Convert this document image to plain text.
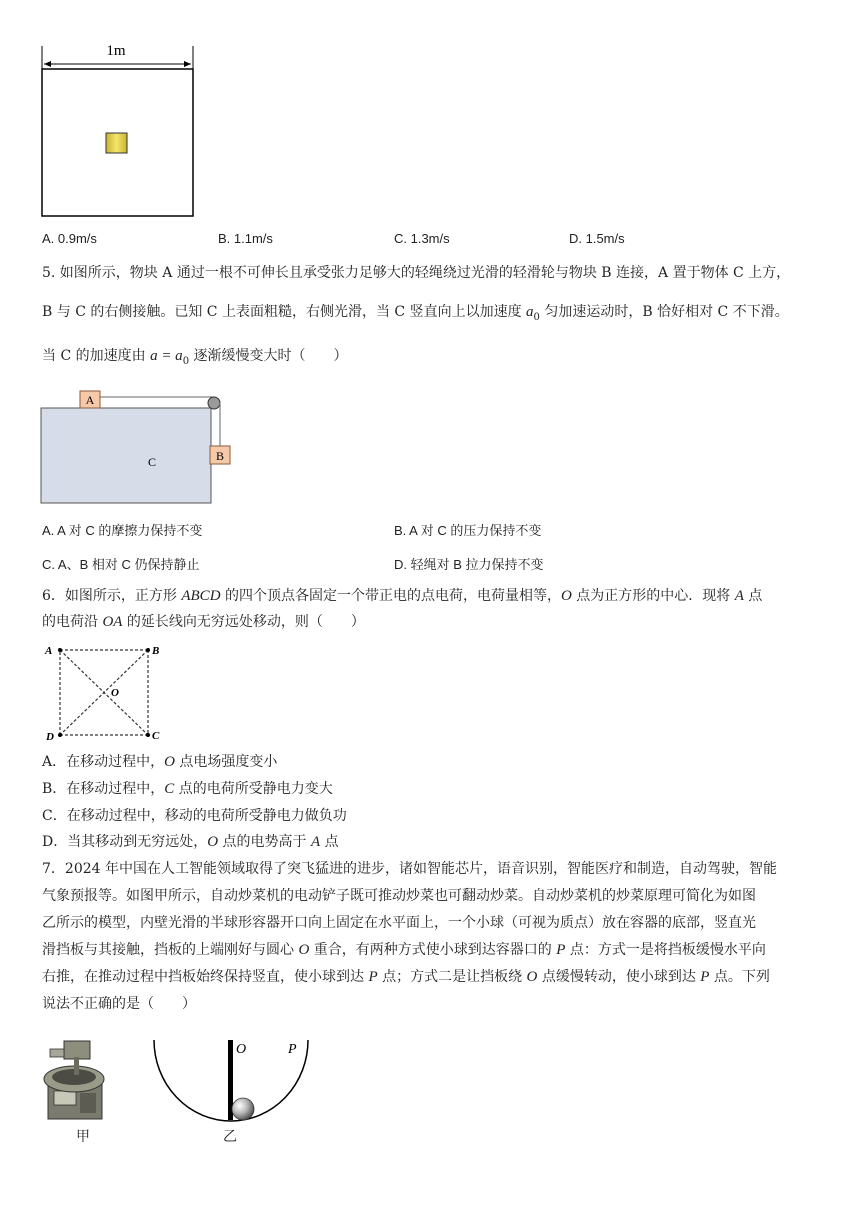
1m
A. 0.9m/s	B. 1.1m/s	C. 1.3m/s	D. 1.5m/s
5. 如图所示，物块 A 通过一根不可伸长且承受张力足够大的轻绳绕过光滑的轻滑轮与物块 B 连接，A 置于物体 C 上方，
B 与 C 的右侧接触。已知 C 上表面粗糙，右侧光滑，当 C 竖直向上以加速度 $a_0$ 匀加速运动时，B 恰好相对 C 不下滑。
当 C 的加速度由 $a = a_0$ 逐渐缓慢变大时（　　）
C
A
B
A. A 对 C 的摩擦力保持不变	B. A 对 C 的压力保持不变
C. A、B 相对 C 仍保持静止	D. 轻绳对 B 拉力保持不变
6．如图所示，正方形 ABCD 的四个顶点各固定一个带正电的点电荷，电荷量相等，O 点为正方形的中心．现将 A 点
的电荷沿 OA 的延长线向无穷远处移动，则（　　）
A	B
C
D
O
A．在移动过程中，O 点电场强度变小
B．在移动过程中，C 点的电荷所受静电力变大
C．在移动过程中，移动的电荷所受静电力做负功
D．当其移动到无穷远处，O 点的电势高于 A 点
7．2024 年中国在人工智能领域取得了突飞猛进的进步，诸如智能芯片，语音识别，智能医疗和制造，自动驾驶，智能
气象预报等。如图甲所示，自动炒菜机的电动铲子既可推动炒菜也可翻动炒菜。自动炒菜机的炒菜原理可简化为如图
乙所示的模型，内壁光滑的半球形容器开口向上固定在水平面上，一个小球（可视为质点）放在容器的底部，竖直光
滑挡板与其接触，挡板的上端刚好与圆心 O 重合，有两种方式使小球到达容器口的 P 点：方式一是将挡板缓慢水平向
右推，在推动过程中挡板始终保持竖直，使小球到达 P 点；方式二是让挡板绕 O 点缓慢转动，使小球到达 P 点。下列
说法不正确的是（　　）
甲
O	P
乙
